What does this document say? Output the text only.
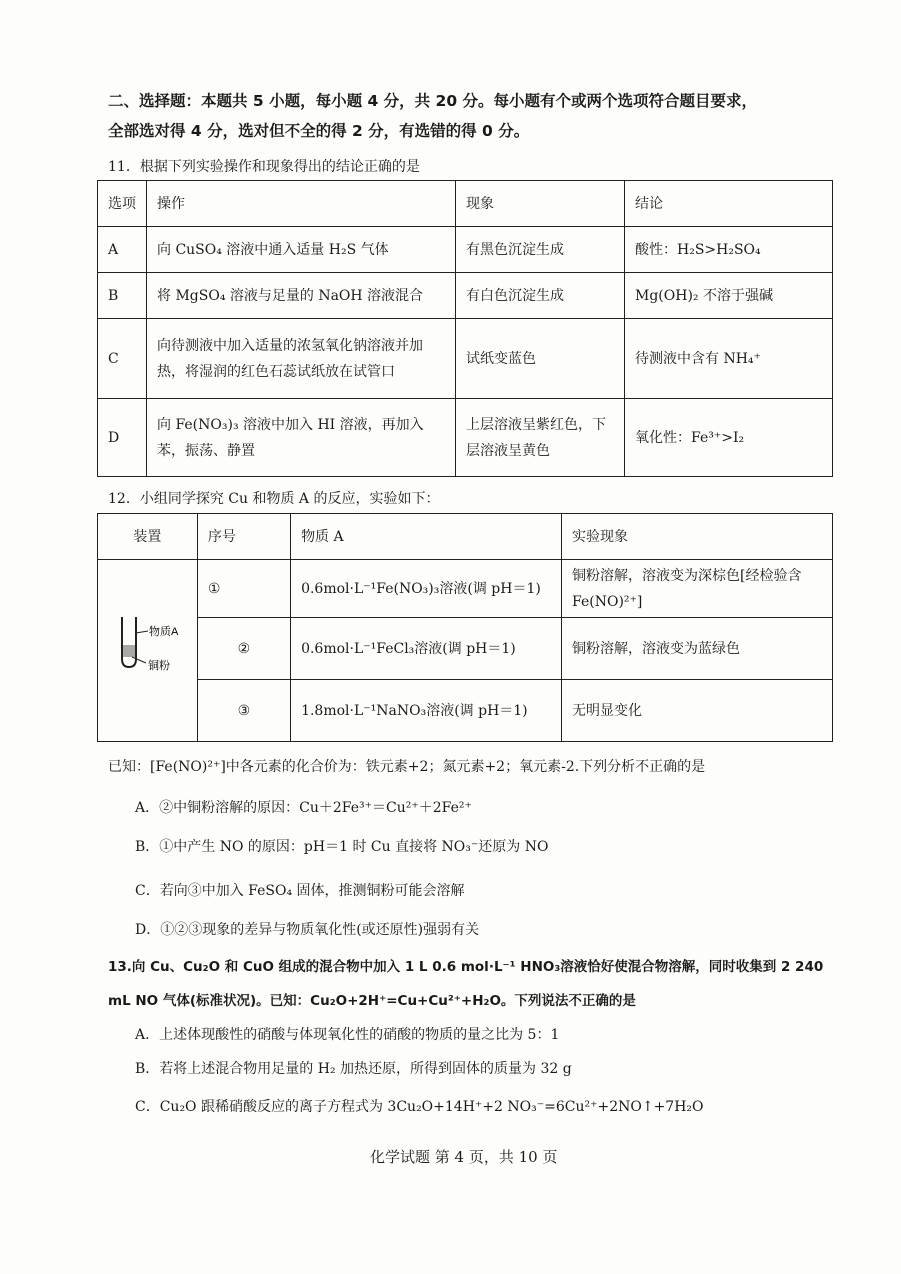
二、选择题：本题共 5 小题，每小题 4 分，共 20 分。每小题有个或两个选项符合题目要求，
全部选对得 4 分，选对但不全的得 2 分，有选错的得 0 分。
11．根据下列实验操作和现象得出的结论正确的是
选项	操作	现象	结论
A	向 CuSO₄ 溶液中通入适量 H₂S 气体	有黑色沉淀生成	酸性：H₂S>H₂SO₄
B	将 MgSO₄ 溶液与足量的 NaOH 溶液混合	有白色沉淀生成	Mg(OH)₂ 不溶于强碱
C	向待测液中加入适量的浓氢氧化钠溶液并加热，将湿润的红色石蕊试纸放在试管口	试纸变蓝色	待测液中含有 NH₄⁺
D	向 Fe(NO₃)₃ 溶液中加入 HI 溶液，再加入苯，振荡、静置	上层溶液呈紫红色，下层溶液呈黄色	氧化性：Fe³⁺>I₂
12．小组同学探究 Cu 和物质 A 的反应，实验如下：
装置	序号	物质 A	实验现象

物质A
铜粉	①	0.6mol·L⁻¹Fe(NO₃)₃溶液(调 pH＝1)	铜粉溶解，溶液变为深棕色[经检验含 Fe(NO)²⁺]
	②	0.6mol·L⁻¹FeCl₃溶液(调 pH＝1)	铜粉溶解，溶液变为蓝绿色
	③	1.8mol·L⁻¹NaNO₃溶液(调 pH＝1)	无明显变化
已知：[Fe(NO)²⁺]中各元素的化合价为：铁元素+2；氮元素+2；氧元素-2.下列分析不正确的是
A．②中铜粉溶解的原因：Cu＋2Fe³⁺＝Cu²⁺＋2Fe²⁺
B．①中产生 NO 的原因：pH＝1 时 Cu 直接将 NO₃⁻还原为 NO
C．若向③中加入 FeSO₄ 固体，推测铜粉可能会溶解
D．①②③现象的差异与物质氧化性(或还原性)强弱有关
13.向 Cu、Cu₂O 和 CuO 组成的混合物中加入 1 L 0.6 mol·L⁻¹ HNO₃溶液恰好使混合物溶解，同时收集到 2 240
mL NO 气体(标准状况)。已知：Cu₂O+2H⁺=Cu+Cu²⁺+H₂O。下列说法不正确的是
A．上述体现酸性的硝酸与体现氧化性的硝酸的物质的量之比为 5：1
B．若将上述混合物用足量的 H₂ 加热还原，所得到固体的质量为 32 g
C．Cu₂O 跟稀硝酸反应的离子方程式为 3Cu₂O+14H⁺+2 NO₃⁻=6Cu²⁺+2NO↑+7H₂O
化学试题 第 4 页，共 10 页
